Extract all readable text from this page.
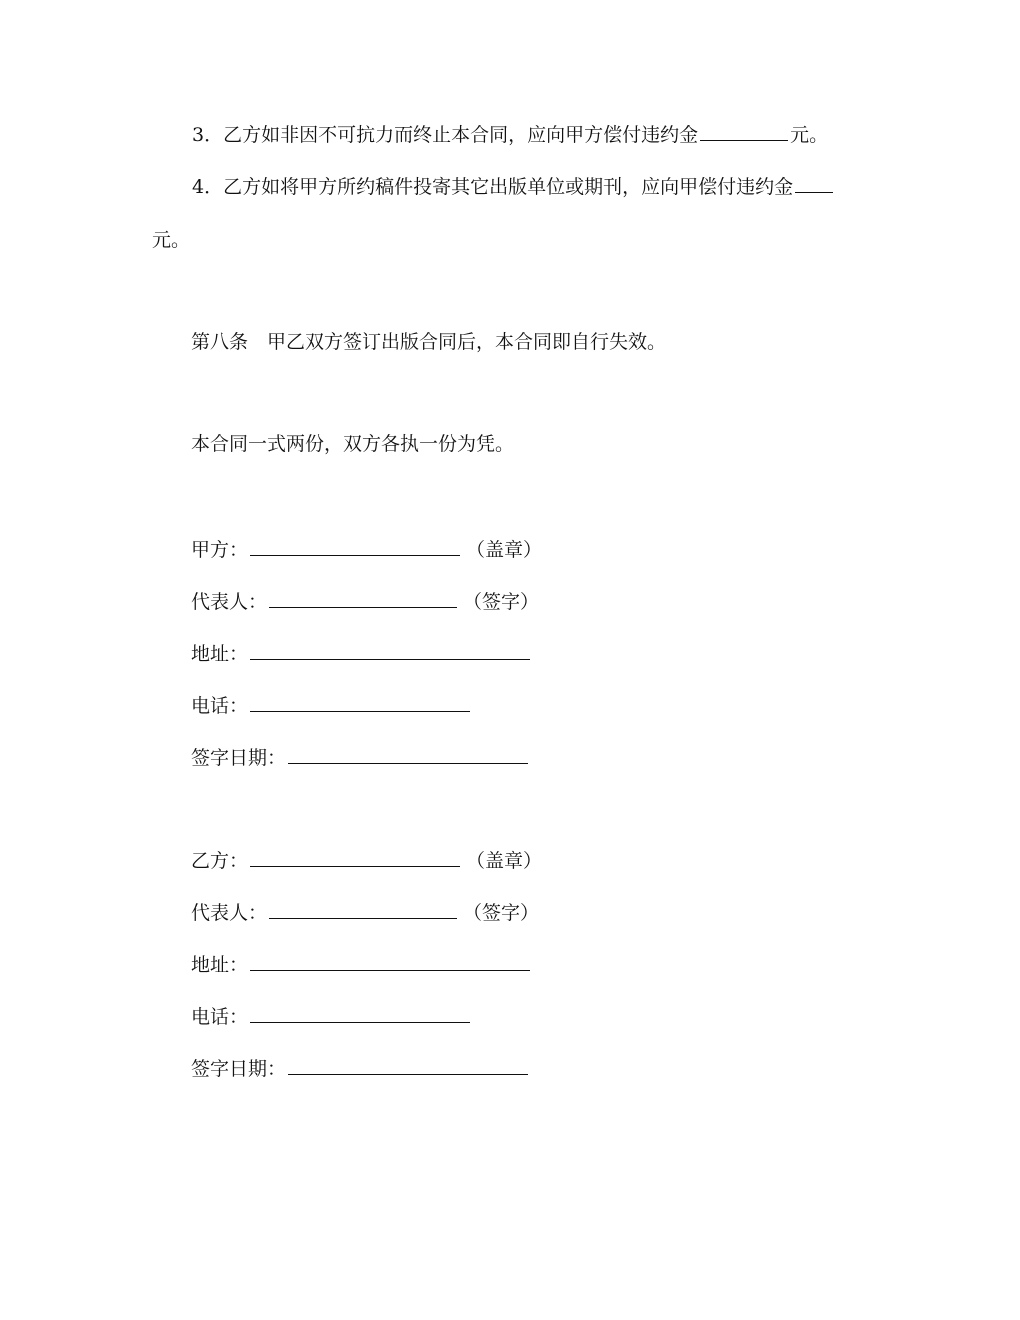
3．乙方如非因不可抗力而终止本合同，应向甲方偿付违约金	元。
4．乙方如将甲方所约稿件投寄其它出版单位或期刊，应向甲偿付违约金
元。
第八条　甲乙双方签订出版合同后，本合同即自行失效。
本合同一式两份，双方各执一份为凭。
甲方：	（盖章）
代表人：	（签字）
地址：
电话：
签字日期：
乙方：	（盖章）
代表人：	（签字）
地址：
电话：
签字日期：
